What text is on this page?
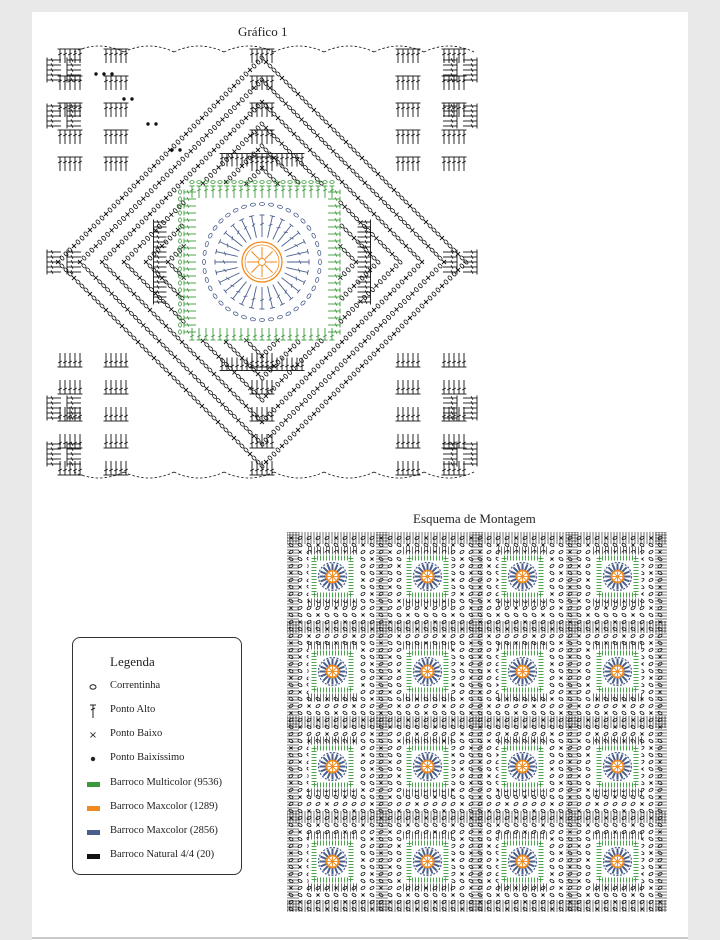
Gráfico 1
Esquema de Montagem
Legenda
Correntinha
Ponto Alto
×	Ponto Baixo
Ponto Baixíssimo
Barroco Multicolor (9536)
Barroco Maxcolor (1289)
Barroco Maxcolor (2856)
Barroco Natural 4/4 (20)
